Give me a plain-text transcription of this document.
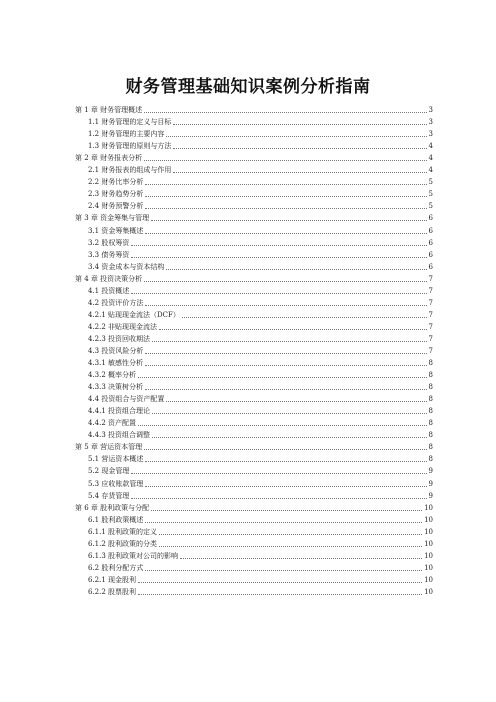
财务管理基础知识案例分析指南
第 1 章 财务管理概述	3
1.1 财务管理的定义与目标	3
1.2 财务管理的主要内容	3
1.3 财务管理的原则与方法	4
第 2 章 财务报表分析	4
2.1 财务报表的组成与作用	4
2.2 财务比率分析	5
2.3 财务趋势分析	5
2.4 财务预警分析	5
第 3 章 资金筹集与管理	6
3.1 资金筹集概述	6
3.2 股权筹资	6
3.3 债务筹资	6
3.4 资金成本与资本结构	6
第 4 章 投资决策分析	7
4.1 投资概述	7
4.2 投资评价方法	7
4.2.1 贴现现金流法（DCF）	7
4.2.2 非贴现现金流法	7
4.2.3 投资回收期法	7
4.3 投资风险分析	7
4.3.1 敏感性分析	8
4.3.2 概率分析	8
4.3.3 决策树分析	8
4.4 投资组合与资产配置	8
4.4.1 投资组合理论	8
4.4.2 资产配置	8
4.4.3 投资组合调整	8
第 5 章 营运资本管理	8
5.1 营运资本概述	8
5.2 现金管理	9
5.3 应收账款管理	9
5.4 存货管理	9
第 6 章 股利政策与分配	10
6.1 股利政策概述	10
6.1.1 股利政策的定义	10
6.1.2 股利政策的分类	10
6.1.3 股利政策对公司的影响	10
6.2 股利分配方式	10
6.2.1 现金股利	10
6.2.2 股票股利	10
